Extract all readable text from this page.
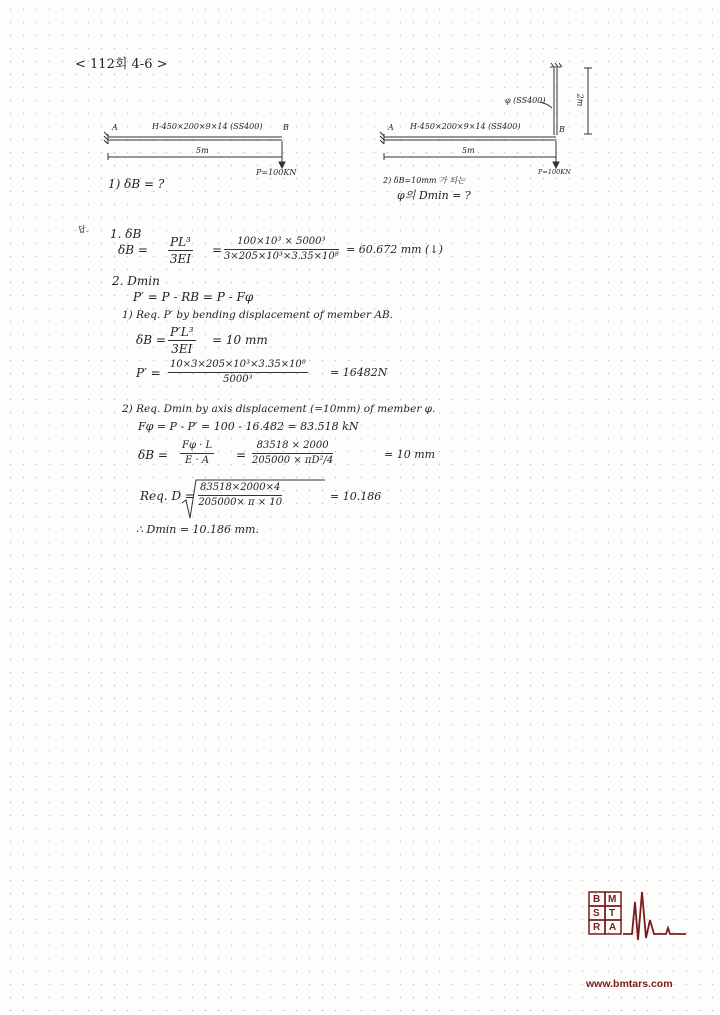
< 112회 4-6 >
A	B
H-450×200×9×14 (SS400)
5m
P=100KN
1) δB = ?
A	B
H-450×200×9×14 (SS400)
5m
P=100KN
φ (SS400)	2m
2) δB=10mm 가 되는
φ의 Dmin = ?
답. 1. δB
$\delta B = \frac{\text{PL³}}{3EI} = \frac{\text{100×10³ × 5000³}}{\text{3×205×10³×3.35×10⁸}} = 60.672$ mm (↓)
2. Dmin
P′ = P - RB = P - Fφ
1) Req. P′ by bending displacement of member AB.
$\delta B = \frac{\text{P′L³}}{3EI} = 10$ mm
$P' = \frac{\text{10×3×205×10³×3.35×10⁸}}{\text{5000³}} = 16482N$
2) Req. Dmin by axis displacement (=10mm) of member φ.
Fφ = P - P′ = 100 - 16.482 = 83.518 kN
$\delta B = \frac{F\varphi \cdot L}{E \cdot A} = \frac{83518 \times 2000}{\text{205000 × πD²/4}}$	= 10 mm
Req. $D = \frac{83518\times 2000\times 4}{205000\times \pi \times 10}$	= 10.186
∴ Dmin = 10.186 mm.
B M
T
A
R
S
www.bmtars.com
